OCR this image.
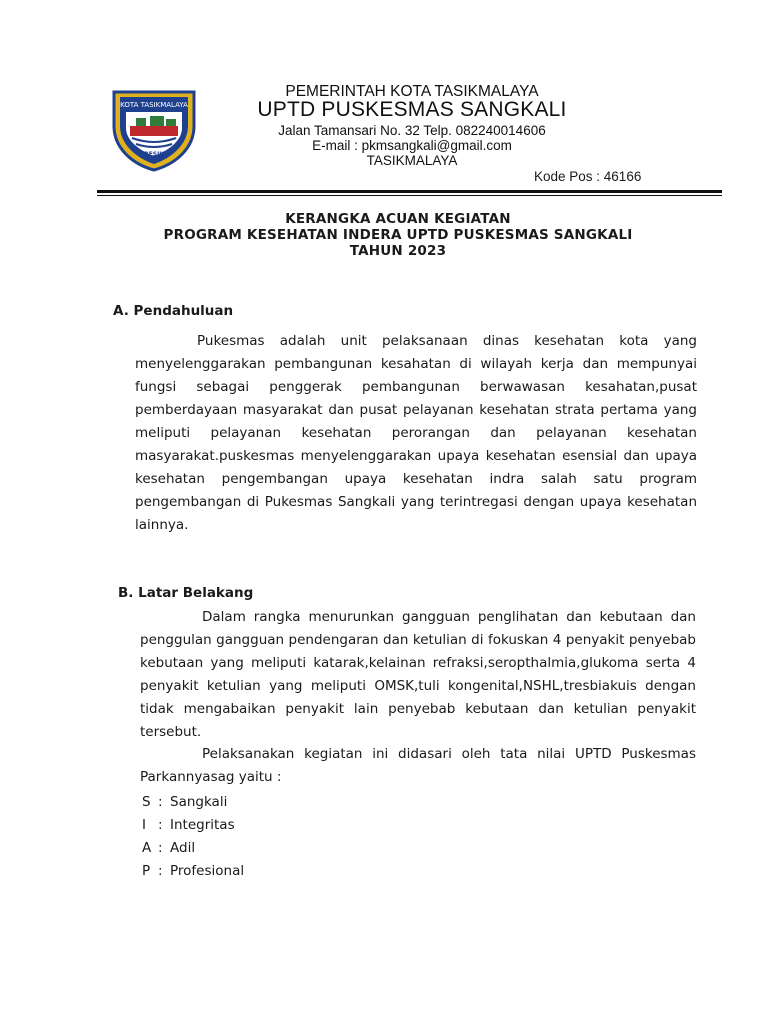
KOTA TASIKMALAYA
RESIK
PEMERINTAH KOTA TASIKMALAYA
UPTD PUSKESMAS SANGKALI
Jalan Tamansari No. 32 Telp. 082240014606
E-mail : pkmsangkali@gmail.com
TASIKMALAYA
Kode Pos : 46166
KERANGKA ACUAN KEGIATAN
PROGRAM KESEHATAN INDERA UPTD PUSKESMAS SANGKALI
TAHUN 2023
A. Pendahuluan

Pukesmas adalah unit pelaksanaan dinas kesehatan kota yang menyelenggarakan pembangunan kesahatan di wilayah kerja dan mempunyai fungsi sebagai penggerak pembangunan berwawasan kesahatan,pusat pemberdayaan masyarakat dan pusat pelayanan kesehatan strata pertama yang meliputi pelayanan kesehatan perorangan dan pelayanan kesehatan masyarakat.puskesmas menyelenggarakan upaya kesehatan esensial dan upaya kesehatan pengembangan upaya kesehatan indra salah satu program pengembangan di Pukesmas Sangkali yang terintregasi dengan upaya kesehatan lainnya.

B. Latar Belakang

Dalam rangka menurunkan gangguan penglihatan dan kebutaan dan penggulan gangguan pendengaran dan ketulian di fokuskan 4 penyakit penyebab kebutaan yang meliputi katarak,kelainan refraksi,seropthalmia,glukoma serta 4 penyakit ketulian yang meliputi OMSK,tuli kongenital,NSHL,tresbiakuis dengan tidak mengabaikan penyakit lain penyebab kebutaan dan ketulian penyakit tersebut.

Pelaksanakan kegiatan ini didasari oleh tata nilai UPTD Puskesmas Parkannyasag yaitu :

S : Sangkali
I : Integritas
A : Adil
P : Profesional
